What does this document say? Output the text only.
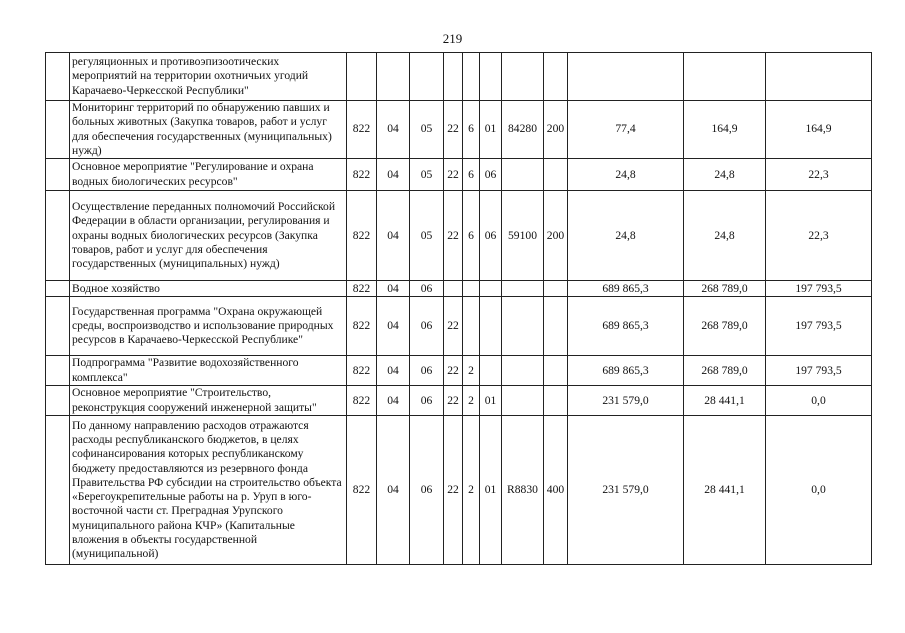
219
	регуляционных и противоэпизоотических мероприятий на территории охотничьих угодий Карачаево-Черкесской Республики"											
	Мониторинг территорий по обнаружению павших и больных животных (Закупка товаров, работ и услуг для обеспечения государственных (муниципальных) нужд)	822	04	05	22	6	01	84280	200	77,4	164,9	164,9
	Основное мероприятие "Регулирование и охрана водных биологических ресурсов"	822	04	05	22	6	06			24,8	24,8	22,3
	Осуществление переданных полномочий Российской Федерации в области организации, регулирования и охраны водных биологических ресурсов (Закупка товаров, работ и услуг для обеспечения государственных (муниципальных) нужд)	822	04	05	22	6	06	59100	200	24,8	24,8	22,3
	Водное хозяйство	822	04	06						689 865,3	268 789,0	197 793,5
	Государственная программа "Охрана окружающей среды, воспроизводство и использование природных ресурсов в Карачаево-Черкесской Республике"	822	04	06	22					689 865,3	268 789,0	197 793,5
	Подпрограмма "Развитие водохозяйственного комплекса"	822	04	06	22	2				689 865,3	268 789,0	197 793,5
	Основное мероприятие "Строительство, реконструкция сооружений инженерной защиты"	822	04	06	22	2	01			231 579,0	28 441,1	0,0
	По данному направлению расходов отражаются расходы республиканского бюджетов, в целях софинансирования которых республиканскому бюджету предоставляются из резервного фонда Правительства РФ субсидии на строительство объекта «Берегоукрепительные работы на р. Уруп в юго-восточной части ст. Преградная Урупского муниципального района КЧР» (Капитальные вложения в объекты государственной (муниципальной)	822	04	06	22	2	01	R8830	400	231 579,0	28 441,1	0,0
